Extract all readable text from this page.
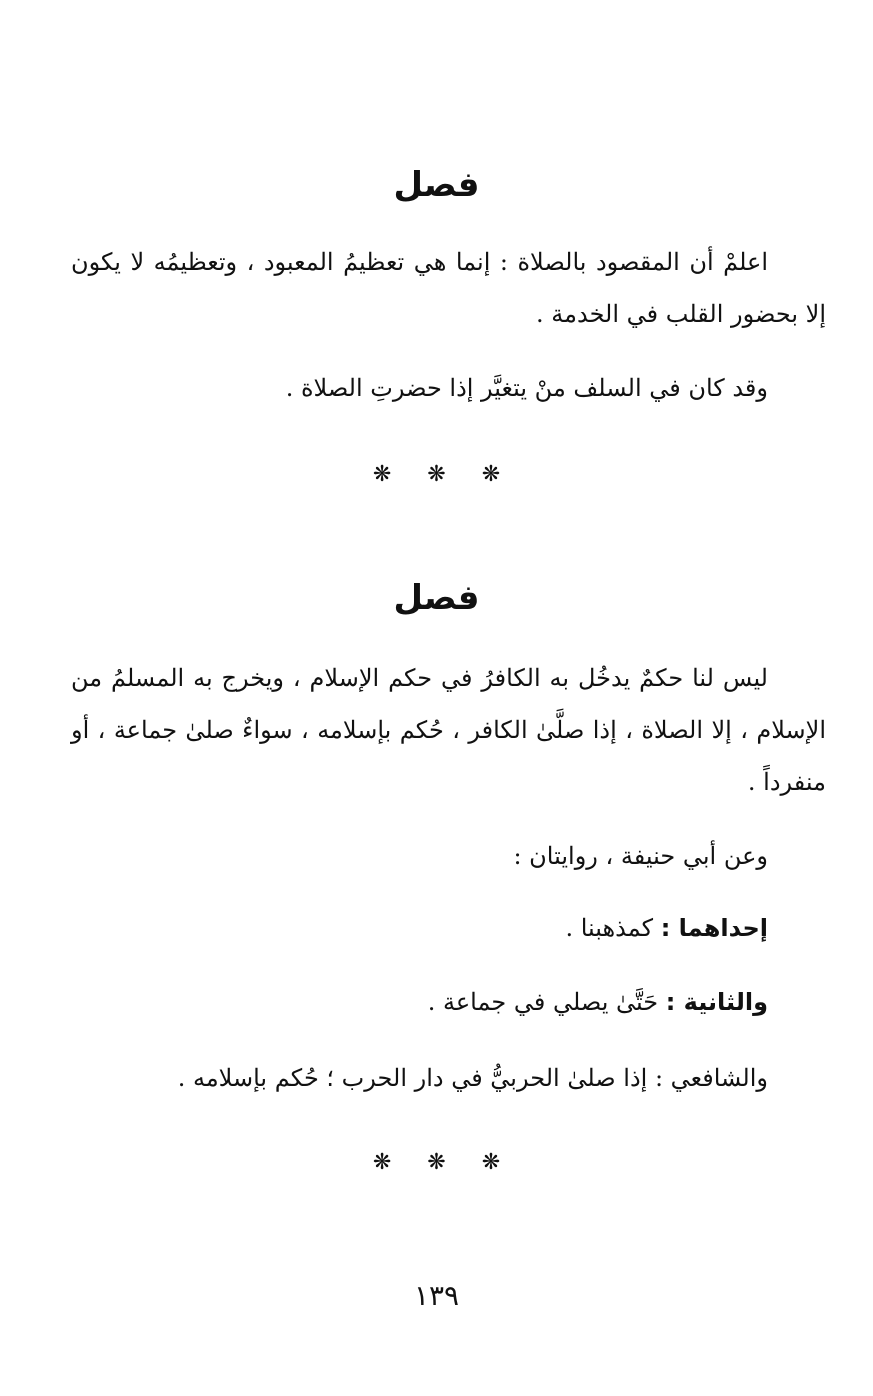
فصل
اعلمْ أن المقصود بالصلاة : إنما هي تعظيمُ المعبود ، وتعظيمُه لا يكون إلا بحضور القلب في الخدمة .
وقد كان في السلف منْ يتغيَّر إذا حضرتِ الصلاة .
❋ ❋ ❋
فصل
ليس لنا حكمٌ يدخُل به الكافرُ في حكم الإسلام ، ويخرج به المسلمُ من الإسلام ، إلا الصلاة ، إذا صلَّىٰ الكافر ، حُكم بإسلامه ، سواءٌ صلىٰ جماعة ، أو منفرداً .
وعن أبي حنيفة ، روايتان :
إحداهما : كمذهبنا .
والثانية : حَتَّىٰ يصلي في جماعة .
والشافعي : إذا صلىٰ الحربيُّ في دار الحرب ؛ حُكم بإسلامه .
❋ ❋ ❋
١٣٩
